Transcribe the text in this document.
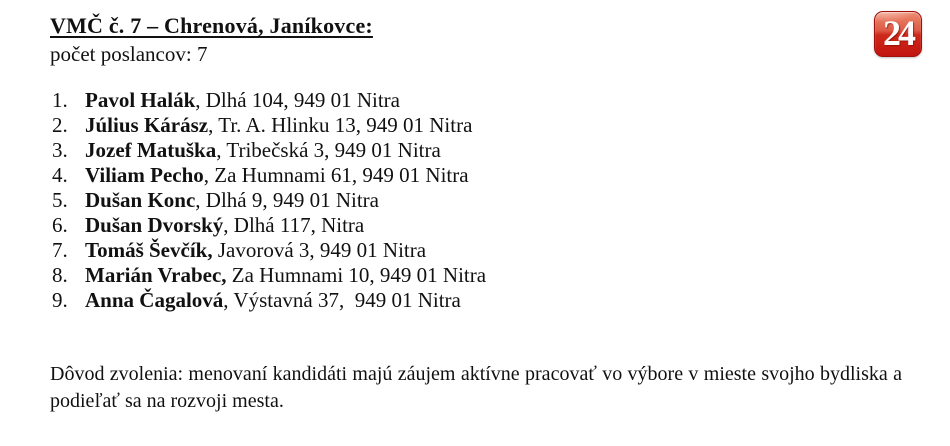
VMČ č. 7 – Chrenová, Janíkovce:
počet poslancov: 7
1. Pavol Halák, Dlhá 104, 949 01 Nitra
2. Július Kárász, Tr. A. Hlinku 13, 949 01 Nitra
3. Jozef Matuška, Tribečská 3, 949 01 Nitra
4. Viliam Pecho, Za Humnami 61, 949 01 Nitra
5. Dušan Konc, Dlhá 9, 949 01 Nitra
6. Dušan Dvorský, Dlhá 117, Nitra
7. Tomáš Ševčík, Javorová 3, 949 01 Nitra
8. Marián Vrabec, Za Humnami 10, 949 01 Nitra
9. Anna Čagalová, Výstavná 37,  949 01 Nitra
Dôvod zvolenia: menovaní kandidáti majú záujem aktívne pracovať vo výbore v mieste svojho bydliska a podieľať sa na rozvoji mesta.
24
